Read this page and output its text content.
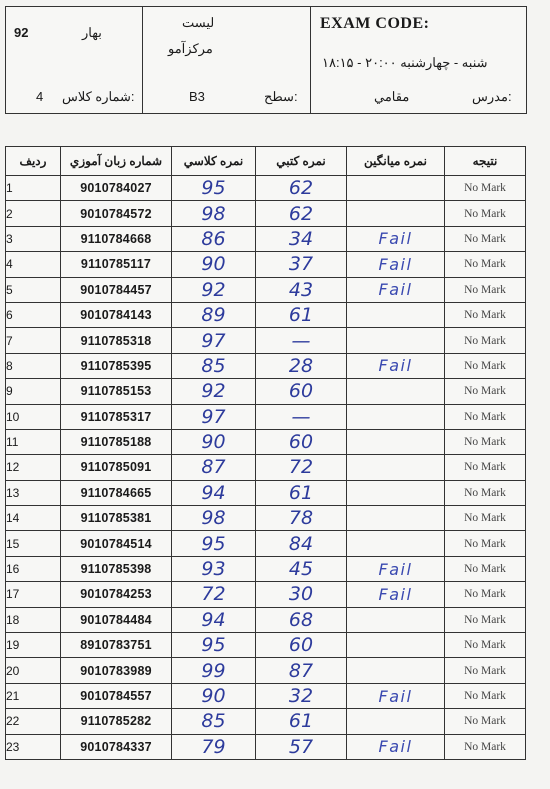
92	بهار
لیست
مرکزآمو
EXAM CODE:
شنبه - چهارشنبه ۲۰:۰۰ - ۱۸:۱۵
4 شماره کلاس:	B3	سطح:	مقامي	مدرس:
رديف	شماره زبان آموزي	نمره كلاسي	نمره كتبي	نمره ميانگين	نتيجه
1	9010784027	95	62		No Mark
2	9010784572	98	62		No Mark
3	9110784668	86	34	Fail	No Mark
4	9110785117	90	37	Fail	No Mark
5	9010784457	92	43	Fail	No Mark
6	9010784143	89	61		No Mark
7	9110785318	97	—		No Mark
8	9110785395	85	28	Fail	No Mark
9	9110785153	92	60		No Mark
10	9110785317	97	—		No Mark
11	9110785188	90	60		No Mark
12	9110785091	87	72		No Mark
13	9110784665	94	61		No Mark
14	9110785381	98	78		No Mark
15	9010784514	95	84		No Mark
16	9110785398	93	45	Fail	No Mark
17	9010784253	72	30	Fail	No Mark
18	9010784484	94	68		No Mark
19	8910783751	95	60		No Mark
20	9010783989	99	87		No Mark
21	9010784557	90	32	Fail	No Mark
22	9110785282	85	61		No Mark
23	9010784337	79	57	Fail	No Mark
